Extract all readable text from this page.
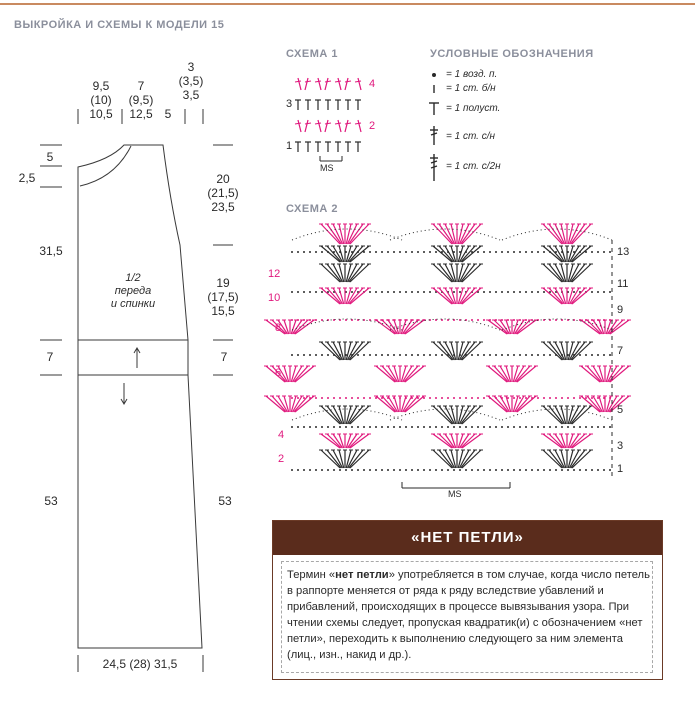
ВЫКРОЙКА И СХЕМЫ К МОДЕЛИ 15
9,5
(10)
10,5
7
(9,5)
12,5 5
3
(3,5)
3,5
5
2,5
31,5
7
53
20
(21,5)
23,5
19
(17,5)
15,5
7
53
1/2
переда
и спинки
24,5 (28) 31,5
СХЕМА 1
4
3
2
1
MS
УСЛОВНЫЕ ОБОЗНАЧЕНИЯ
= 1 возд. п.
= 1 ст. б/н
= 1 полуст.
= 1 ст. с/н
= 1 ст. с/2н
СХЕМА 2
13
11
9
7
5
3
1
12
10
8
6
4
2
MS
«НЕТ ПЕТЛИ»
Термин «нет петли» употребляется в том случае, когда число петель в раппорте меняется от ряда к ряду вследствие убавлений и прибавлений, происходящих в процессе вывязывания узора. При чтении схемы следует, пропуская квадратик(и) с обозначением «нет петли», переходить к выполнению следующего за ним элемента (лиц., изн., накид и др.).
